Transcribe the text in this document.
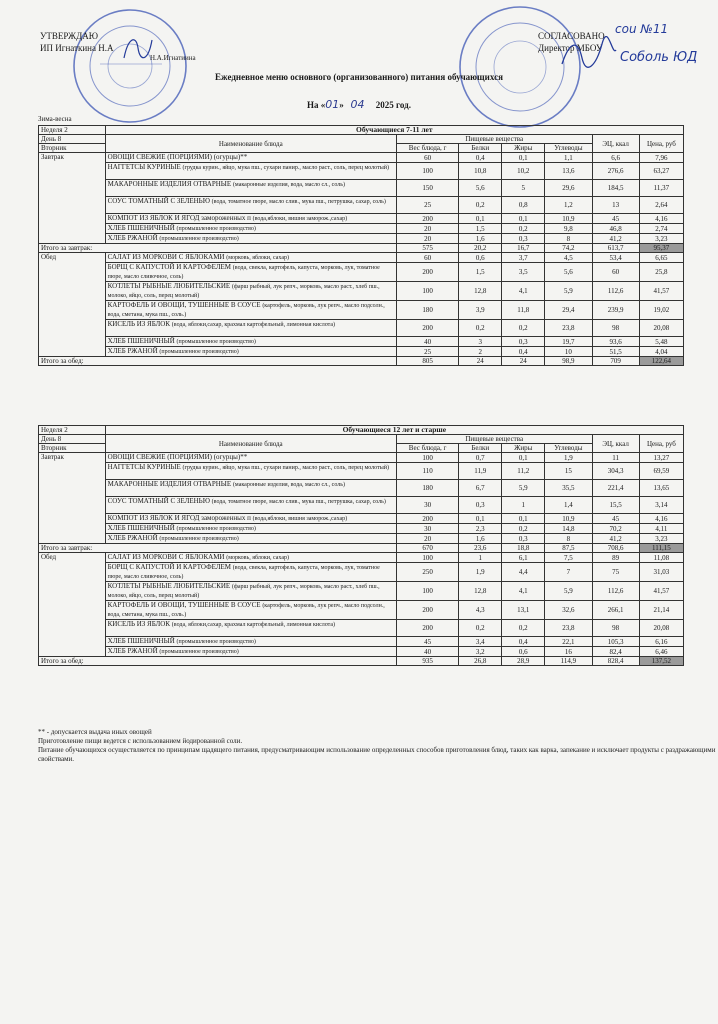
УТВЕРЖДАЮ
ИП Игнаткина Н.А
Н.А.Игнатиина
СОГЛАСОВАНО
Директор МБОУ
соu №11
Соболь ЮД
Ежедневное меню основного (организованного) питания обучающихся
На «01» 04 2025 год.
Зима-весна
Неделя 2	Обучающиеся 7-11 лет						
День 8	Наименование блюда	Пищевые вещества				ЭЦ, ккал	Цена, руб
Вторник		Вес блюда, г	Белки	Жиры	Углеводы		
Завтрак	ОВОЩИ СВЕЖИЕ (ПОРЦИЯМИ) (огурцы)**	60	0,4	0,1	1,1	6,6	7,96
	НАГГЕТСЫ КУРИНЫЕ (грудка курин., яйцо, мука пш., сухари панир., масло раст., соль, перец молотый)	100	10,8	10,2	13,6	276,6	63,27
	МАКАРОННЫЕ ИЗДЕЛИЯ ОТВАРНЫЕ (макаронные изделия, вода, масло сл., соль)	150	5,6	5	29,6	184,5	11,37
	СОУС ТОМАТНЫЙ С ЗЕЛЕНЬЮ (вода, томатное пюре, масло слив., мука пш., петрушка, сахар, соль)	25	0,2	0,8	1,2	13	2,64
	КОМПОТ ИЗ ЯБЛОК И ЯГОД замороженных п (вода,яблоки, вишня заморож.,сахар)	200	0,1	0,1	10,9	45	4,16
	ХЛЕБ ПШЕНИЧНЫЙ (промышленное производство)	20	1,5	0,2	9,8	46,8	2,74
	ХЛЕБ РЖАНОЙ (промышленное производство)	20	1,6	0,3	8	41,2	3,23
Итого за завтрак:		575	20,2	16,7	74,2	613,7	95,37
Обед	САЛАТ ИЗ МОРКОВИ С ЯБЛОКАМИ (морковь, яблоки, сахар)	60	0,6	3,7	4,5	53,4	6,65
	БОРЩ С КАПУСТОЙ И КАРТОФЕЛЕМ (вода, свекла, картофель, капуста, морковь, лук, томатное пюре, масло сливочное, соль)	200	1,5	3,5	5,6	60	25,8
	КОТЛЕТЫ РЫБНЫЕ ЛЮБИТЕЛЬСКИЕ (фарш рыбный, лук репч., морковь, масло раст., хлеб пш., молоко, яйцо, соль, перец молотый)	100	12,8	4,1	5,9	112,6	41,57
	КАРТОФЕЛЬ И ОВОЩИ, ТУШЕННЫЕ В СОУСЕ (картофель, морковь, лук репч., масло подсолн., вода, сметана, мука пш., соль.)	180	3,9	11,8	29,4	239,9	19,02
	КИСЕЛЬ ИЗ ЯБЛОК (вода, яблоки,сахар, крахмал картофельный, лимонная кислота)	200	0,2	0,2	23,8	98	20,08
	ХЛЕБ ПШЕНИЧНЫЙ (промышленное производство)	40	3	0,3	19,7	93,6	5,48
	ХЛЕБ РЖАНОЙ (промышленное производство)	25	2	0,4	10	51,5	4,04
Итого за обед:		805	24	24	98,9	709	122,64
Неделя 2	Обучающиеся 12 лет и старше						
День 8	Наименование блюда	Пищевые вещества				ЭЦ, ккал	Цена, руб
Вторник		Вес блюда, г	Белки	Жиры	Углеводы		
Завтрак	ОВОЩИ СВЕЖИЕ (ПОРЦИЯМИ) (огурцы)**	100	0,7	0,1	1,9	11	13,27
	НАГГЕТСЫ КУРИНЫЕ (грудка курин., яйцо, мука пш., сухари панир., масло раст., соль, перец молотый)	110	11,9	11,2	15	304,3	69,59
	МАКАРОННЫЕ ИЗДЕЛИЯ ОТВАРНЫЕ (макаронные изделия, вода, масло сл., соль)	180	6,7	5,9	35,5	221,4	13,65
	СОУС ТОМАТНЫЙ С ЗЕЛЕНЬЮ (вода, томатное пюре, масло слив., мука пш., петрушка, сахар, соль)	30	0,3	1	1,4	15,5	3,14
	КОМПОТ ИЗ ЯБЛОК И ЯГОД замороженных п (вода,яблоки, вишня заморож.,сахар)	200	0,1	0,1	10,9	45	4,16
	ХЛЕБ ПШЕНИЧНЫЙ (промышленное производство)	30	2,3	0,2	14,8	70,2	4,11
	ХЛЕБ РЖАНОЙ (промышленное производство)	20	1,6	0,3	8	41,2	3,23
Итого за завтрак:		670	23,6	18,8	87,5	708,6	111,15
Обед	САЛАТ ИЗ МОРКОВИ С ЯБЛОКАМИ (морковь, яблоки, сахар)	100	1	6,1	7,5	89	11,08
	БОРЩ С КАПУСТОЙ И КАРТОФЕЛЕМ (вода, свекла, картофель, капуста, морковь, лук, томатное пюре, масло сливочное, соль)	250	1,9	4,4	7	75	31,03
	КОТЛЕТЫ РЫБНЫЕ ЛЮБИТЕЛЬСКИЕ (фарш рыбный, лук репч., морковь, масло раст., хлеб пш., молоко, яйцо, соль, перец молотый)	100	12,8	4,1	5,9	112,6	41,57
	КАРТОФЕЛЬ И ОВОЩИ, ТУШЕННЫЕ В СОУСЕ (картофель, морковь, лук репч., масло подсолн., вода, сметана, мука пш., соль.)	200	4,3	13,1	32,6	266,1	21,14
	КИСЕЛЬ ИЗ ЯБЛОК (вода, яблоки,сахар, крахмал картофельный, лимонная кислота)	200	0,2	0,2	23,8	98	20,08
	ХЛЕБ ПШЕНИЧНЫЙ (промышленное производство)	45	3,4	0,4	22,1	105,3	6,16
	ХЛЕБ РЖАНОЙ (промышленное производство)	40	3,2	0,6	16	82,4	6,46
Итого за обед:		935	26,8	28,9	114,9	828,4	137,52
** - допускается выдача иных овощей
Приготовление пищи ведется с использованием йодированной соли.
Питание обучающихся осуществляется по принципам щадящего питания, предусматривающим использование определенных способов приготовления блюд, таких как варка, запекание и исключает продукты с раздражающими свойствами.
